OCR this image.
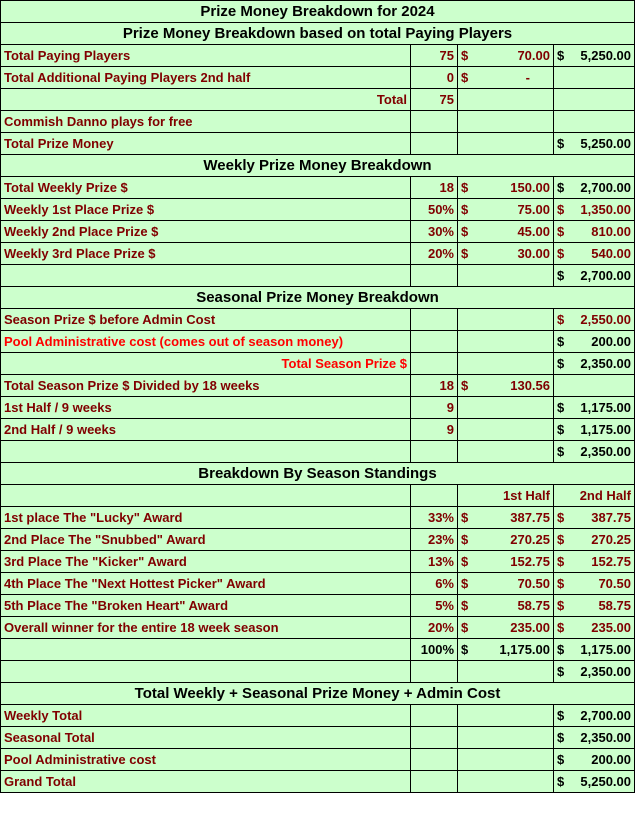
Prize Money Breakdown for 2024			
Prize Money Breakdown based on total Paying Players			
Total Paying Players	75	$ 70.00	$ 5,250.00

Total Additional Paying Players 2nd half	0	$ -	

Total	75		
Commish Danno plays for free			
Total Prize Money			$ 5,250.00

Weekly Prize Money Breakdown			
Total Weekly Prize $	18	$ 150.00	$ 2,700.00

Weekly 1st Place Prize $	50%	$ 75.00	$ 1,350.00

Weekly 2nd Place Prize $	30%	$ 45.00	$ 810.00

Weekly 3rd Place Prize $	20%	$ 30.00	$ 540.00

			$ 2,700.00

Seasonal Prize Money Breakdown			
Season Prize $ before Admin Cost			$ 2,550.00

Pool Administrative cost (comes out of season money)			$ 200.00

Total Season Prize $			$ 2,350.00

Total Season Prize $ Divided by 18 weeks	18	$ 130.56	

1st Half / 9 weeks	9		$ 1,175.00

2nd Half / 9 weeks	9		$ 1,175.00

			$ 2,350.00

Breakdown By Season Standings			
		1st Half	2nd Half
1st place The "Lucky" Award	33%	$ 387.75	$ 387.75

2nd Place The "Snubbed" Award	23%	$ 270.25	$ 270.25

3rd Place The "Kicker" Award	13%	$ 152.75	$ 152.75

4th Place The "Next Hottest Picker" Award	6%	$ 70.50	$ 70.50

5th Place The "Broken Heart" Award	5%	$ 58.75	$ 58.75

Overall winner for the entire 18 week season	20%	$ 235.00	$ 235.00

	100%	$ 1,175.00	$ 1,175.00

			$ 2,350.00

Total Weekly + Seasonal Prize Money + Admin Cost			
Weekly Total			$ 2,700.00

Seasonal Total			$ 2,350.00

Pool Administrative cost			$ 200.00

Grand Total			$ 5,250.00
